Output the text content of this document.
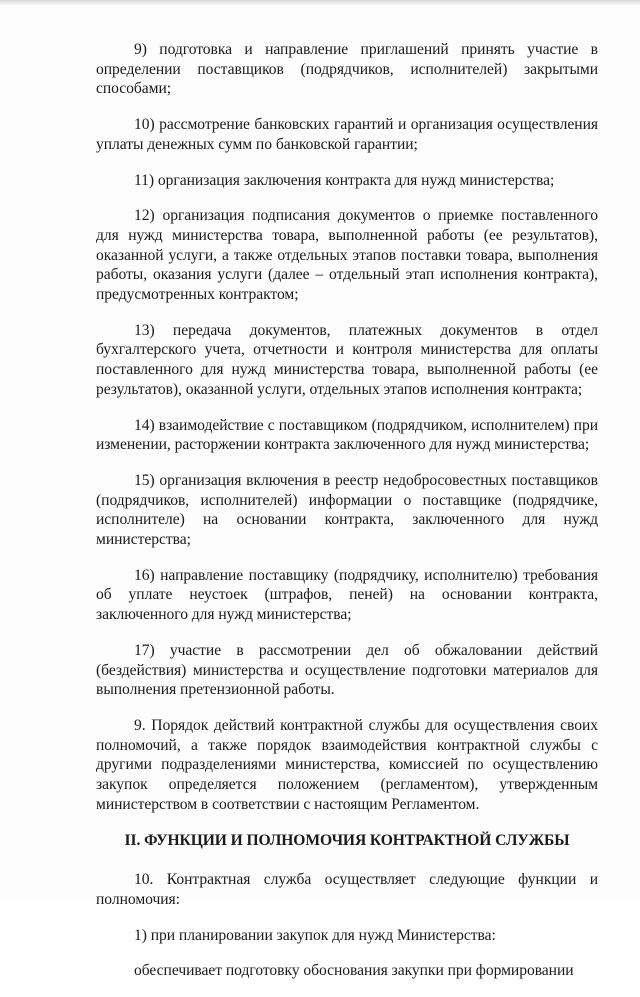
9) подготовка и направление приглашений принять участие в определении поставщиков (подрядчиков, исполнителей) закрытыми способами;

10) рассмотрение банковских гарантий и организация осуществления уплаты денежных сумм по банковской гарантии;

11) организация заключения контракта для нужд министерства;

12) организация подписания документов о приемке поставленного для нужд министерства товара, выполненной работы (ее результатов), оказанной услуги, а также отдельных этапов поставки товара, выполнения работы, оказания услуги (далее – отдельный этап исполнения контракта), предусмотренных контрактом;

13) передача документов, платежных документов в отдел бухгалтерского учета, отчетности и контроля министерства для оплаты поставленного для нужд министерства товара, выполненной работы (ее результатов), оказанной услуги, отдельных этапов исполнения контракта;

14) взаимодействие с поставщиком (подрядчиком, исполнителем) при изменении, расторжении контракта заключенного для нужд министерства;

15) организация включения в реестр недобросовестных поставщиков (подрядчиков, исполнителей) информации о поставщике (подрядчике, исполнителе) на основании контракта, заключенного для нужд министерства;

16) направление поставщику (подрядчику, исполнителю) требования об уплате неустоек (штрафов, пеней) на основании контракта, заключенного для нужд министерства;

17) участие в рассмотрении дел об обжаловании действий (бездействия) министерства и осуществление подготовки материалов для выполнения претензионной работы.

9. Порядок действий контрактной службы для осуществления своих полномочий, а также порядок взаимодействия контрактной службы с другими подразделениями министерства, комиссией по осуществлению закупок определяется положением (регламентом), утвержденным министерством в соответствии с настоящим Регламентом.

II. ФУНКЦИИ И ПОЛНОМОЧИЯ КОНТРАКТНОЙ СЛУЖБЫ

10. Контрактная служба осуществляет следующие функции и полномочия:

1) при планировании закупок для нужд Министерства:

обеспечивает подготовку обоснования закупки при формировании
